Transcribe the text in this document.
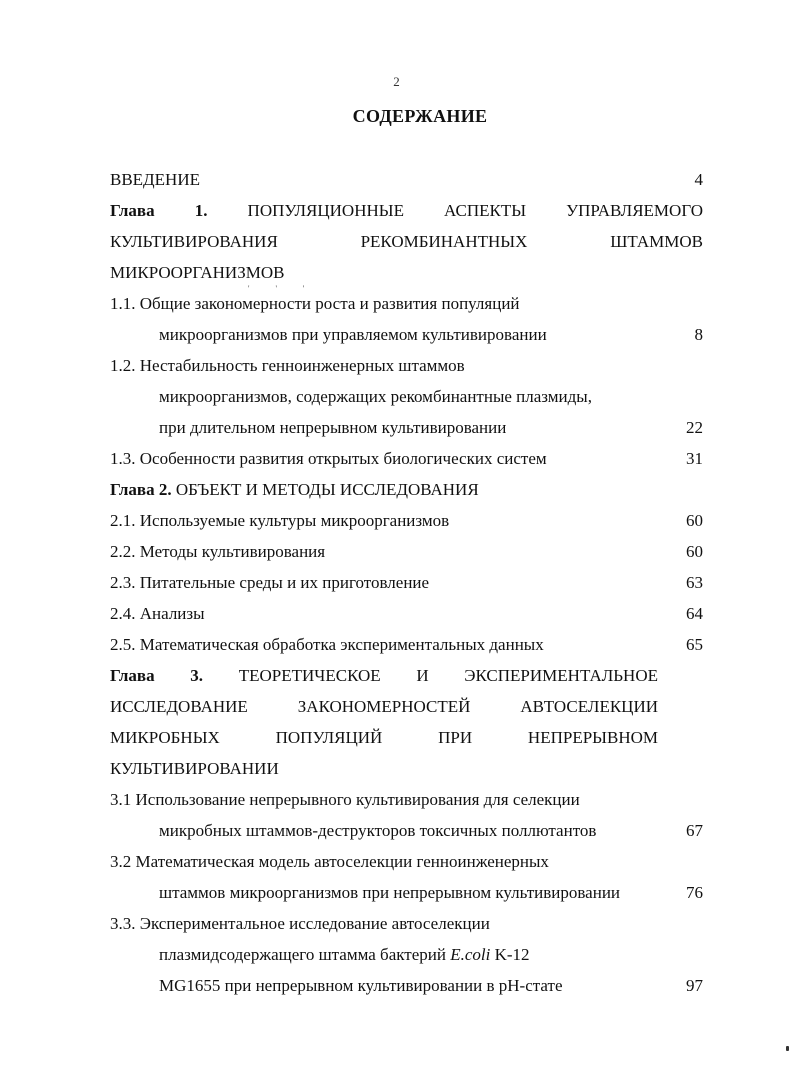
2
СОДЕРЖАНИЕ
ВВЕДЕНИЕ	4
Глава 1. ПОПУЛЯЦИОННЫЕ АСПЕКТЫ УПРАВЛЯЕМОГО
КУЛЬТИВИРОВАНИЯ РЕКОМБИНАНТНЫХ ШТАММОВ
МИКРООРГАНИЗМОВ
1.1. Общие закономерности роста и развития популяций
микроорганизмов при управляемом культивировании	8
1.2. Нестабильность генноинженерных штаммов
микроорганизмов, содержащих рекомбинантные плазмиды,
при длительном непрерывном культивировании	22
1.3. Особенности развития открытых биологических систем	31
Глава 2. ОБЪЕКТ И МЕТОДЫ ИССЛЕДОВАНИЯ
2.1. Используемые культуры микроорганизмов	60
2.2. Методы культивирования	60
2.3. Питательные среды и их приготовление	63
2.4. Анализы	64
2.5. Математическая обработка экспериментальных данных	65
Глава 3. ТЕОРЕТИЧЕСКОЕ И ЭКСПЕРИМЕНТАЛЬНОЕ
ИССЛЕДОВАНИЕ ЗАКОНОМЕРНОСТЕЙ АВТОСЕЛЕКЦИИ
МИКРОБНЫХ ПОПУЛЯЦИЙ ПРИ НЕПРЕРЫВНОМ
КУЛЬТИВИРОВАНИИ
3.1 Использование непрерывного культивирования для селекции
микробных штаммов-деструкторов токсичных поллютантов	67
3.2 Математическая модель автоселекции генноинженерных
штаммов микроорганизмов при непрерывном культивировании	76
3.3. Экспериментальное исследование автоселекции
плазмидсодержащего штамма бактерий E.coli K-12
MG1655 при непрерывном культивировании в рН-стате	97
' ' '
